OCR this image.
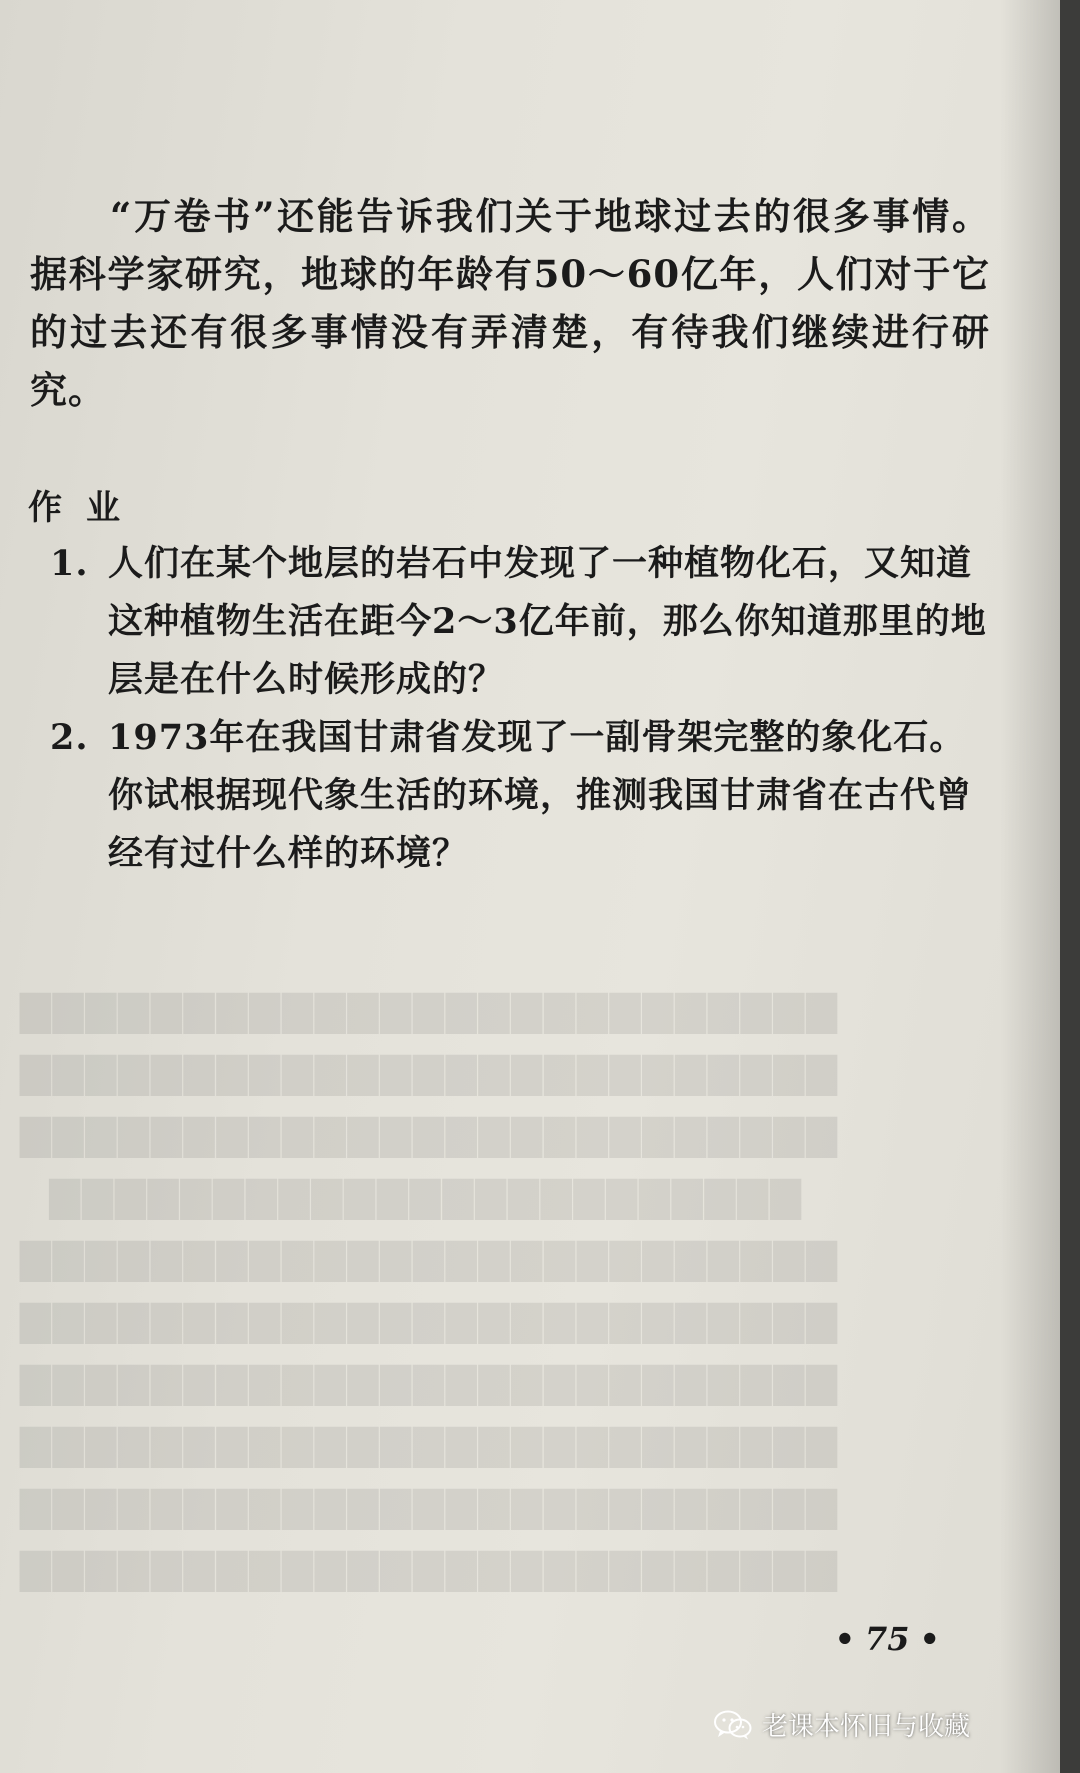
▇▇▇▇▇▇▇▇▇▇▇▇▇▇▇▇▇▇▇▇▇▇▇▇▇
▇▇▇▇▇▇▇▇▇▇▇▇▇▇▇▇▇▇▇▇▇▇▇▇▇
▇▇▇▇▇▇▇▇▇▇▇▇▇▇▇▇▇▇▇▇▇▇▇▇▇
▇▇▇▇▇▇▇▇▇▇▇▇▇▇▇▇▇▇▇▇▇▇▇
▇▇▇▇▇▇▇▇▇▇▇▇▇▇▇▇▇▇▇▇▇▇▇▇▇
▇▇▇▇▇▇▇▇▇▇▇▇▇▇▇▇▇▇▇▇▇▇▇▇▇
▇▇▇▇▇▇▇▇▇▇▇▇▇▇▇▇▇▇▇▇▇▇▇▇▇
▇▇▇▇▇▇▇▇▇▇▇▇▇▇▇▇▇▇▇▇▇▇▇▇▇
▇▇▇▇▇▇▇▇▇▇▇▇▇▇▇▇▇▇▇▇▇▇▇▇▇
▇▇▇▇▇▇▇▇▇▇▇▇▇▇▇▇▇▇▇▇▇▇▇▇▇

“万卷书”还能告诉我们关于地球过去的很多事情。据科学家研究，地球的年龄有50～60亿年，人们对于它的过去还有很多事情没有弄清楚，有待我们继续进行研究。

作业
1. 人们在某个地层的岩石中发现了一种植物化石，又知道这种植物生活在距今2～3亿年前，那么你知道那里的地层是在什么时候形成的？
2. 1973年在我国甘肃省发现了一副骨架完整的象化石。你试根据现代象生活的环境，推测我国甘肃省在古代曾经有过什么样的环境？
• 75 •
老课本怀旧与收藏
